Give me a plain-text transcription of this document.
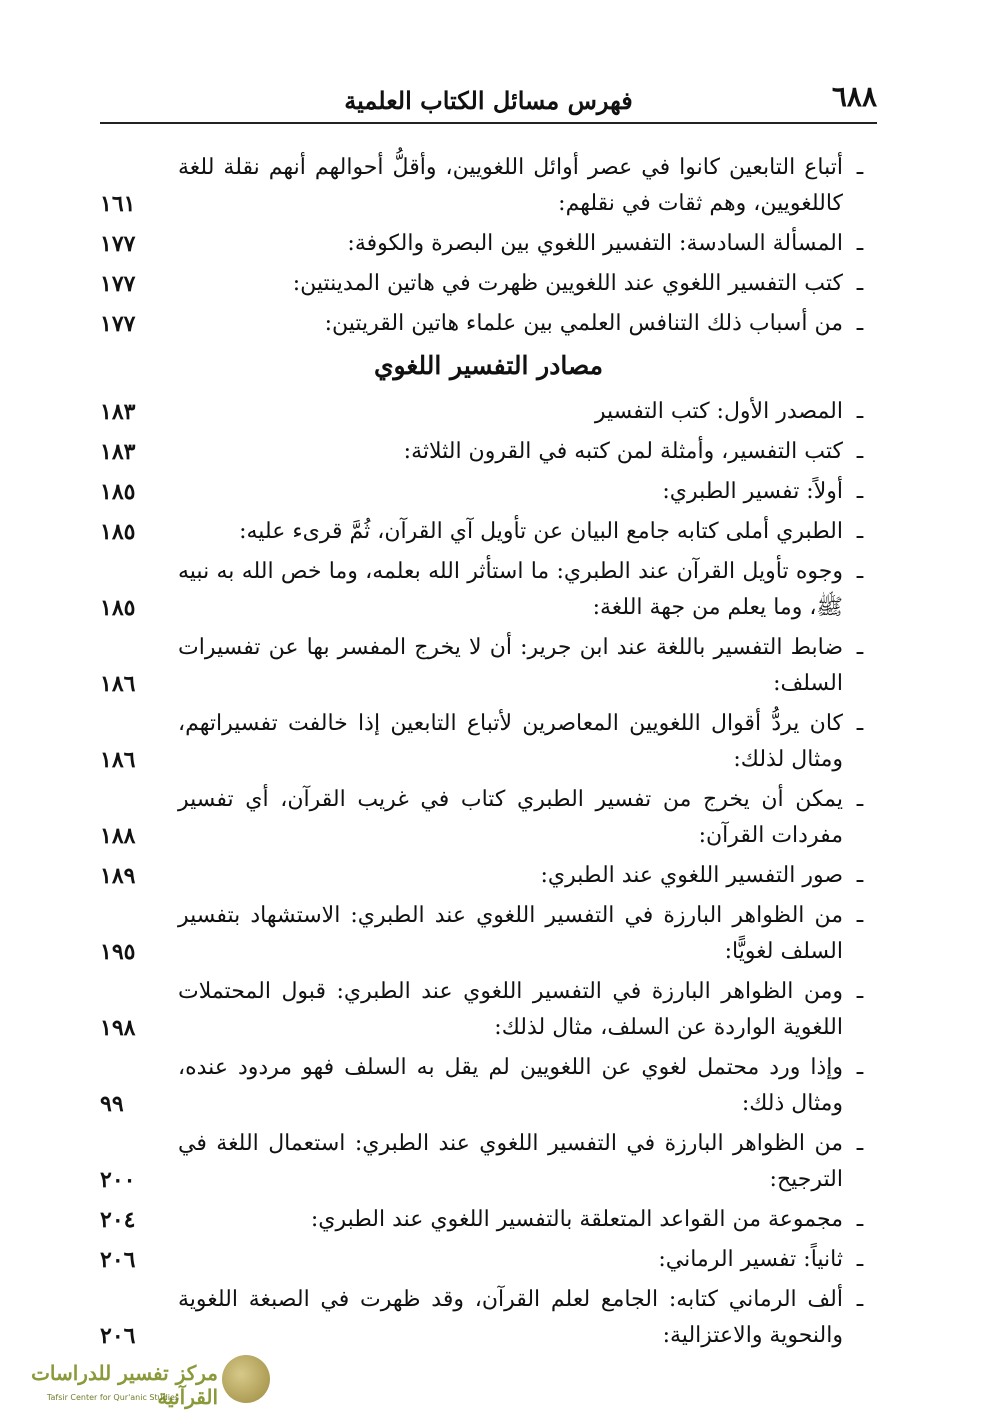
٦٨٨
فهرس مسائل الكتاب العلمية
ـ
أتباع التابعين كانوا في عصر أوائل اللغويين، وأقلُّ أحوالهم أنهم نقلة للغة كاللغويين، وهم ثقات في نقلهم:
١٦١
ـ
المسألة السادسة: التفسير اللغوي بين البصرة والكوفة:
١٧٧
ـ
كتب التفسير اللغوي عند اللغويين ظهرت في هاتين المدينتين:
١٧٧
ـ
من أسباب ذلك التنافس العلمي بين علماء هاتين القريتين:
١٧٧
مصادر التفسير اللغوي
ـ
المصدر الأول: كتب التفسير
١٨٣
ـ
كتب التفسير، وأمثلة لمن كتبه في القرون الثلاثة:
١٨٣
ـ
أولاً: تفسير الطبري:
١٨٥
ـ
الطبري أملى كتابه جامع البيان عن تأويل آي القرآن، ثُمَّ قرىء عليه:
١٨٥
ـ
وجوه تأويل القرآن عند الطبري: ما استأثر الله بعلمه، وما خص الله به نبيه ﷺ، وما يعلم من جهة اللغة:
١٨٥
ـ
ضابط التفسير باللغة عند ابن جرير: أن لا يخرج المفسر بها عن تفسيرات السلف:
١٨٦
ـ
كان يردُّ أقوال اللغويين المعاصرين لأتباع التابعين إذا خالفت تفسيراتهم، ومثال لذلك:
١٨٦
ـ
يمكن أن يخرج من تفسير الطبري كتاب في غريب القرآن، أي تفسير مفردات القرآن:
١٨٨
ـ
صور التفسير اللغوي عند الطبري:
١٨٩
ـ
من الظواهر البارزة في التفسير اللغوي عند الطبري: الاستشهاد بتفسير السلف لغويًّا:
١٩٥
ـ
ومن الظواهر البارزة في التفسير اللغوي عند الطبري: قبول المحتملات اللغوية الواردة عن السلف، مثال لذلك:
١٩٨
ـ
وإذا ورد محتمل لغوي عن اللغويين لم يقل به السلف فهو مردود عنده، ومثال ذلك:
٩٩
ـ
من الظواهر البارزة في التفسير اللغوي عند الطبري: استعمال اللغة في الترجيح:
٢٠٠
ـ
مجموعة من القواعد المتعلقة بالتفسير اللغوي عند الطبري:
٢٠٤
ـ
ثانياً: تفسير الرماني:
٢٠٦
ـ
ألف الرماني كتابه: الجامع لعلم القرآن، وقد ظهرت في الصبغة اللغوية والنحوية والاعتزالية:
٢٠٦
مركز تفسير للدراسات القرآنية
Tafsir Center for Qur'anic Studies
